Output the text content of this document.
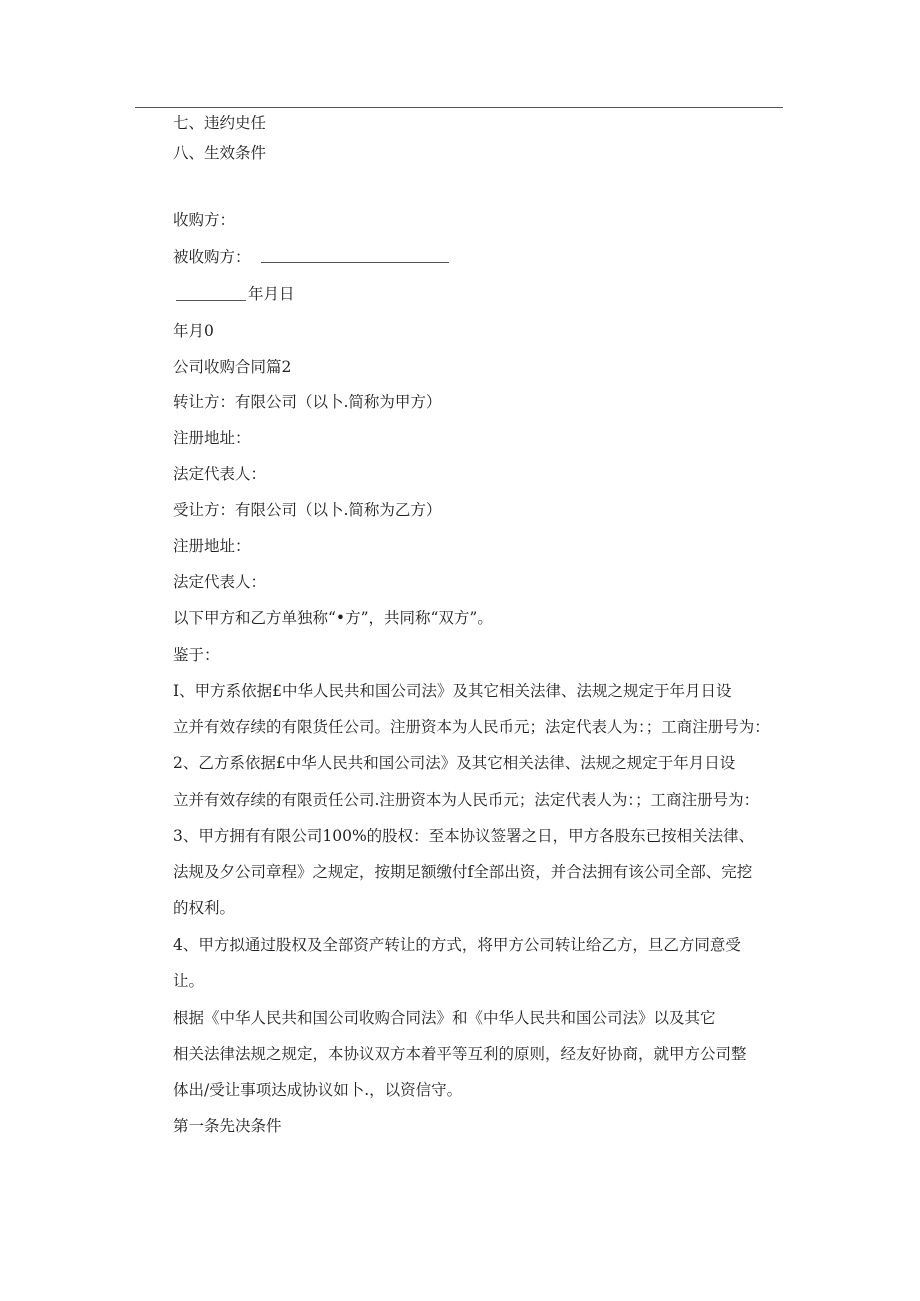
七、违约史任
八、生效条件
收购方：
被收购方：
年月日
年月0
公司收购合同篇2
转让方：有限公司（以卜.简称为甲方）
注册地址：
法定代表人：
受让方：有限公司（以卜.简称为乙方）
注册地址：
法定代表人：
以下甲方和乙方单独称“•方”，共同称“双方”。
鉴于：
I、甲方系依据£中华人民共和国公司法》及其它相关法律、法规之规定于年月日设
立并有效存续的有限货任公司。注册资本为人民币元；法定代表人为：；工商注册号为：
2、乙方系依据£中华人民共和国公司法》及其它相关法律、法规之规定于年月日设
立并有效存续的有限贡任公司.注册资本为人民币元；法定代表人为：；工商注册号为：
3、甲方拥有有限公司100%的股权：至本协议签署之日，甲方各股东已按相关法律、
法规及夕公司章程》之规定，按期足额缴付f全部出资，并合法拥有该公司全部、完挖
的权利。
4、甲方拟通过股权及全部资产转让的方式，将甲方公司转让给乙方，旦乙方同意受
让。
根据《中华人民共和国公司收购合同法》和《中华人民共和国公司法》以及其它
相关法律法规之规定，本协议双方本着平等互利的原则，经友好协商，就甲方公司整
体出/受让事项达成协议如卜.，以资信守。
第一条先决条件
